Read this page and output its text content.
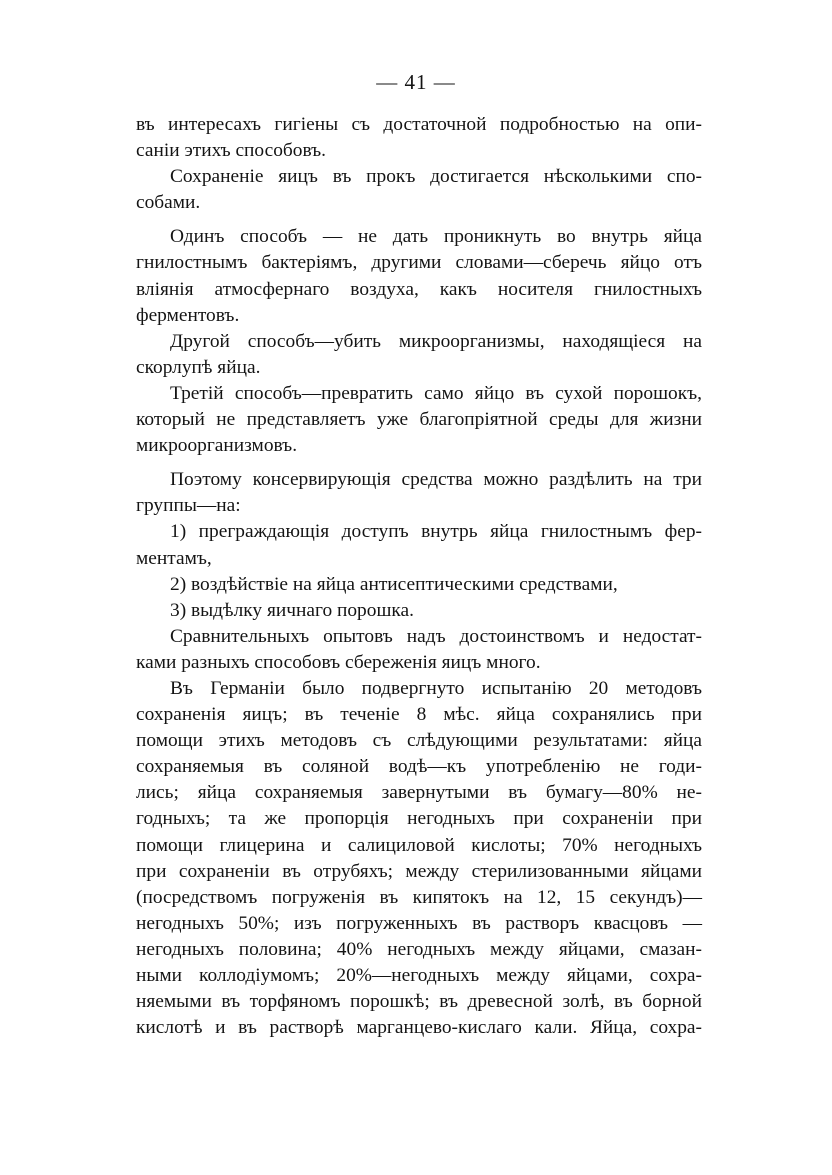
— 41 —
въ интересахъ гигіены съ достаточной подробностью на опи-
саніи этихъ способовъ.
Сохраненіе яицъ въ прокъ достигается нѣсколькими спо-
собами.
Одинъ способъ — не дать проникнуть во внутрь яйца
гнилостнымъ бактеріямъ, другими словами—сберечь яйцо отъ
вліянія атмосфернаго воздуха, какъ носителя гнилостныхъ
ферментовъ.
Другой способъ—убить микроорганизмы, находящіеся на
скорлупѣ яйца.
Третій способъ—превратить само яйцо въ сухой порошокъ,
который не представляетъ уже благопріятной среды для жизни
микроорганизмовъ.
Поэтому консервирующія средства можно раздѣлить на три
группы—на:
1) преграждающія доступъ внутрь яйца гнилостнымъ фер-
ментамъ,
2) воздѣйствіе на яйца антисептическими средствами,
3) выдѣлку яичнаго порошка.
Сравнительныхъ опытовъ надъ достоинствомъ и недостат-
ками разныхъ способовъ сбереженія яицъ много.
Въ Германіи было подвергнуто испытанію 20 методовъ
сохраненія яицъ; въ теченіе 8 мѣс. яйца сохранялись при
помощи этихъ методовъ съ слѣдующими результатами: яйца
сохраняемыя въ соляной водѣ—къ употребленію не годи-
лись; яйца сохраняемыя завернутыми въ бумагу—80% не-
годныхъ; та же пропорція негодныхъ при сохраненіи при
помощи глицерина и салициловой кислоты; 70% негодныхъ
при сохраненіи въ отрубяхъ; между стерилизованными яйцами
(посредствомъ погруженія въ кипятокъ на 12, 15 секундъ)—
негодныхъ 50%; изъ погруженныхъ въ растворъ квасцовъ —
негодныхъ половина; 40% негодныхъ между яйцами, смазан-
ными коллодіумомъ; 20%—негодныхъ между яйцами, сохра-
няемыми въ торфяномъ порошкѣ; въ древесной золѣ, въ борной
кислотѣ и въ растворѣ марганцево-кислаго кали. Яйца, сохра-
